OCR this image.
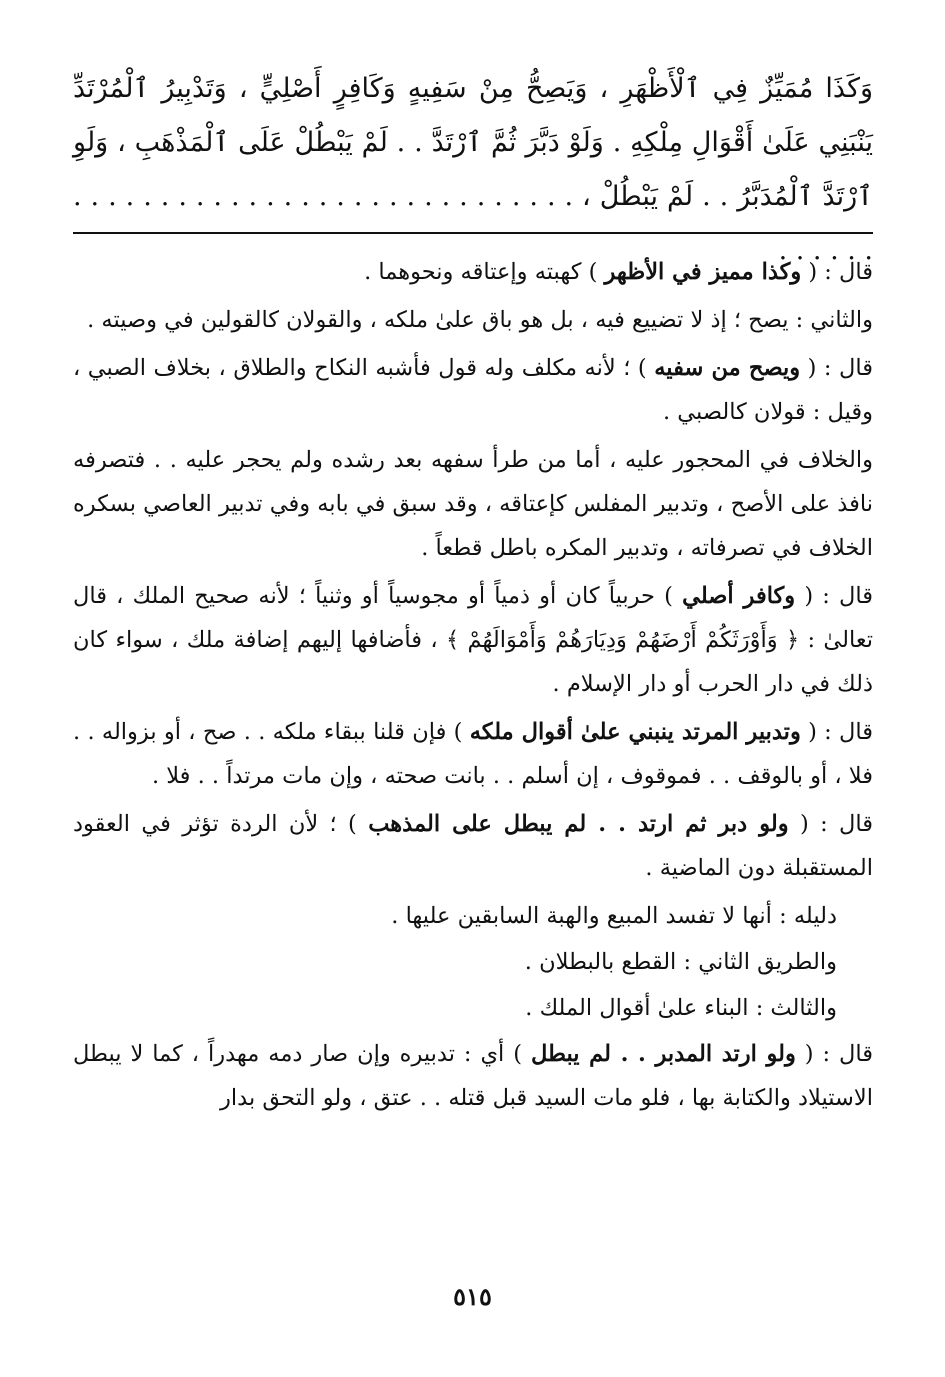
وَكَذَا مُمَيِّزٌ فِي ٱلْأَظْهَرِ ، وَيَصِحُّ مِنْ سَفِيهٍ وَكَافِرٍ أَصْلِيٍّ ، وَتَدْبِيرُ ٱلْمُرْتَدِّ يَنْبَنِي عَلَىٰ أَقْوَالِ مِلْكِهِ . وَلَوْ دَبَّرَ ثُمَّ ٱرْتَدَّ . . لَمْ يَبْطُلْ عَلَى ٱلْمَذْهَبِ ، وَلَوِ ٱرْتَدَّ ٱلْمُدَبَّرُ . . لَمْ يَبْطُلْ ، . . . . . . . . . . . . . . . . . . . . . . . . . . . . . . . . . . .

قال : ( وكذا مميز في الأظهر ) كهبته وإعتاقه ونحوهما .

والثاني : يصح ؛ إذ لا تضييع فيه ، بل هو باق علىٰ ملكه ، والقولان كالقولين في وصيته .

قال : ( ويصح من سفيه ) ؛ لأنه مكلف وله قول فأشبه النكاح والطلاق ، بخلاف الصبي ، وقيل : قولان كالصبي .

والخلاف في المحجور عليه ، أما من طرأ سفهه بعد رشده ولم يحجر عليه . . فتصرفه نافذ على الأصح ، وتدبير المفلس كإعتاقه ، وقد سبق في بابه وفي تدبير العاصي بسكره الخلاف في تصرفاته ، وتدبير المكره باطل قطعاً .

قال : ( وكافر أصلي ) حربياً كان أو ذمياً أو مجوسياً أو وثنياً ؛ لأنه صحيح الملك ، قال تعالىٰ : ﴿ وَأَوْرَثَكُمْ أَرْضَهُمْ وَدِيَارَهُمْ وَأَمْوَالَهُمْ ﴾ ، فأضافها إليهم إضافة ملك ، سواء كان ذلك في دار الحرب أو دار الإسلام .

قال : ( وتدبير المرتد ينبني علىٰ أقوال ملكه ) فإن قلنا ببقاء ملكه . . صح ، أو بزواله . . فلا ، أو بالوقف . . فموقوف ، إن أسلم . . بانت صحته ، وإن مات مرتداً . . فلا .

قال : ( ولو دبر ثم ارتد . . لم يبطل على المذهب ) ؛ لأن الردة تؤثر في العقود المستقبلة دون الماضية .

دليله : أنها لا تفسد المبيع والهبة السابقين عليها .

والطريق الثاني : القطع بالبطلان .

والثالث : البناء علىٰ أقوال الملك .

قال : ( ولو ارتد المدبر . . لم يبطل ) أي : تدبيره وإن صار دمه مهدراً ، كما لا يبطل الاستيلاد والكتابة بها ، فلو مات السيد قبل قتله . . عتق ، ولو التحق بدار

٥١٥
